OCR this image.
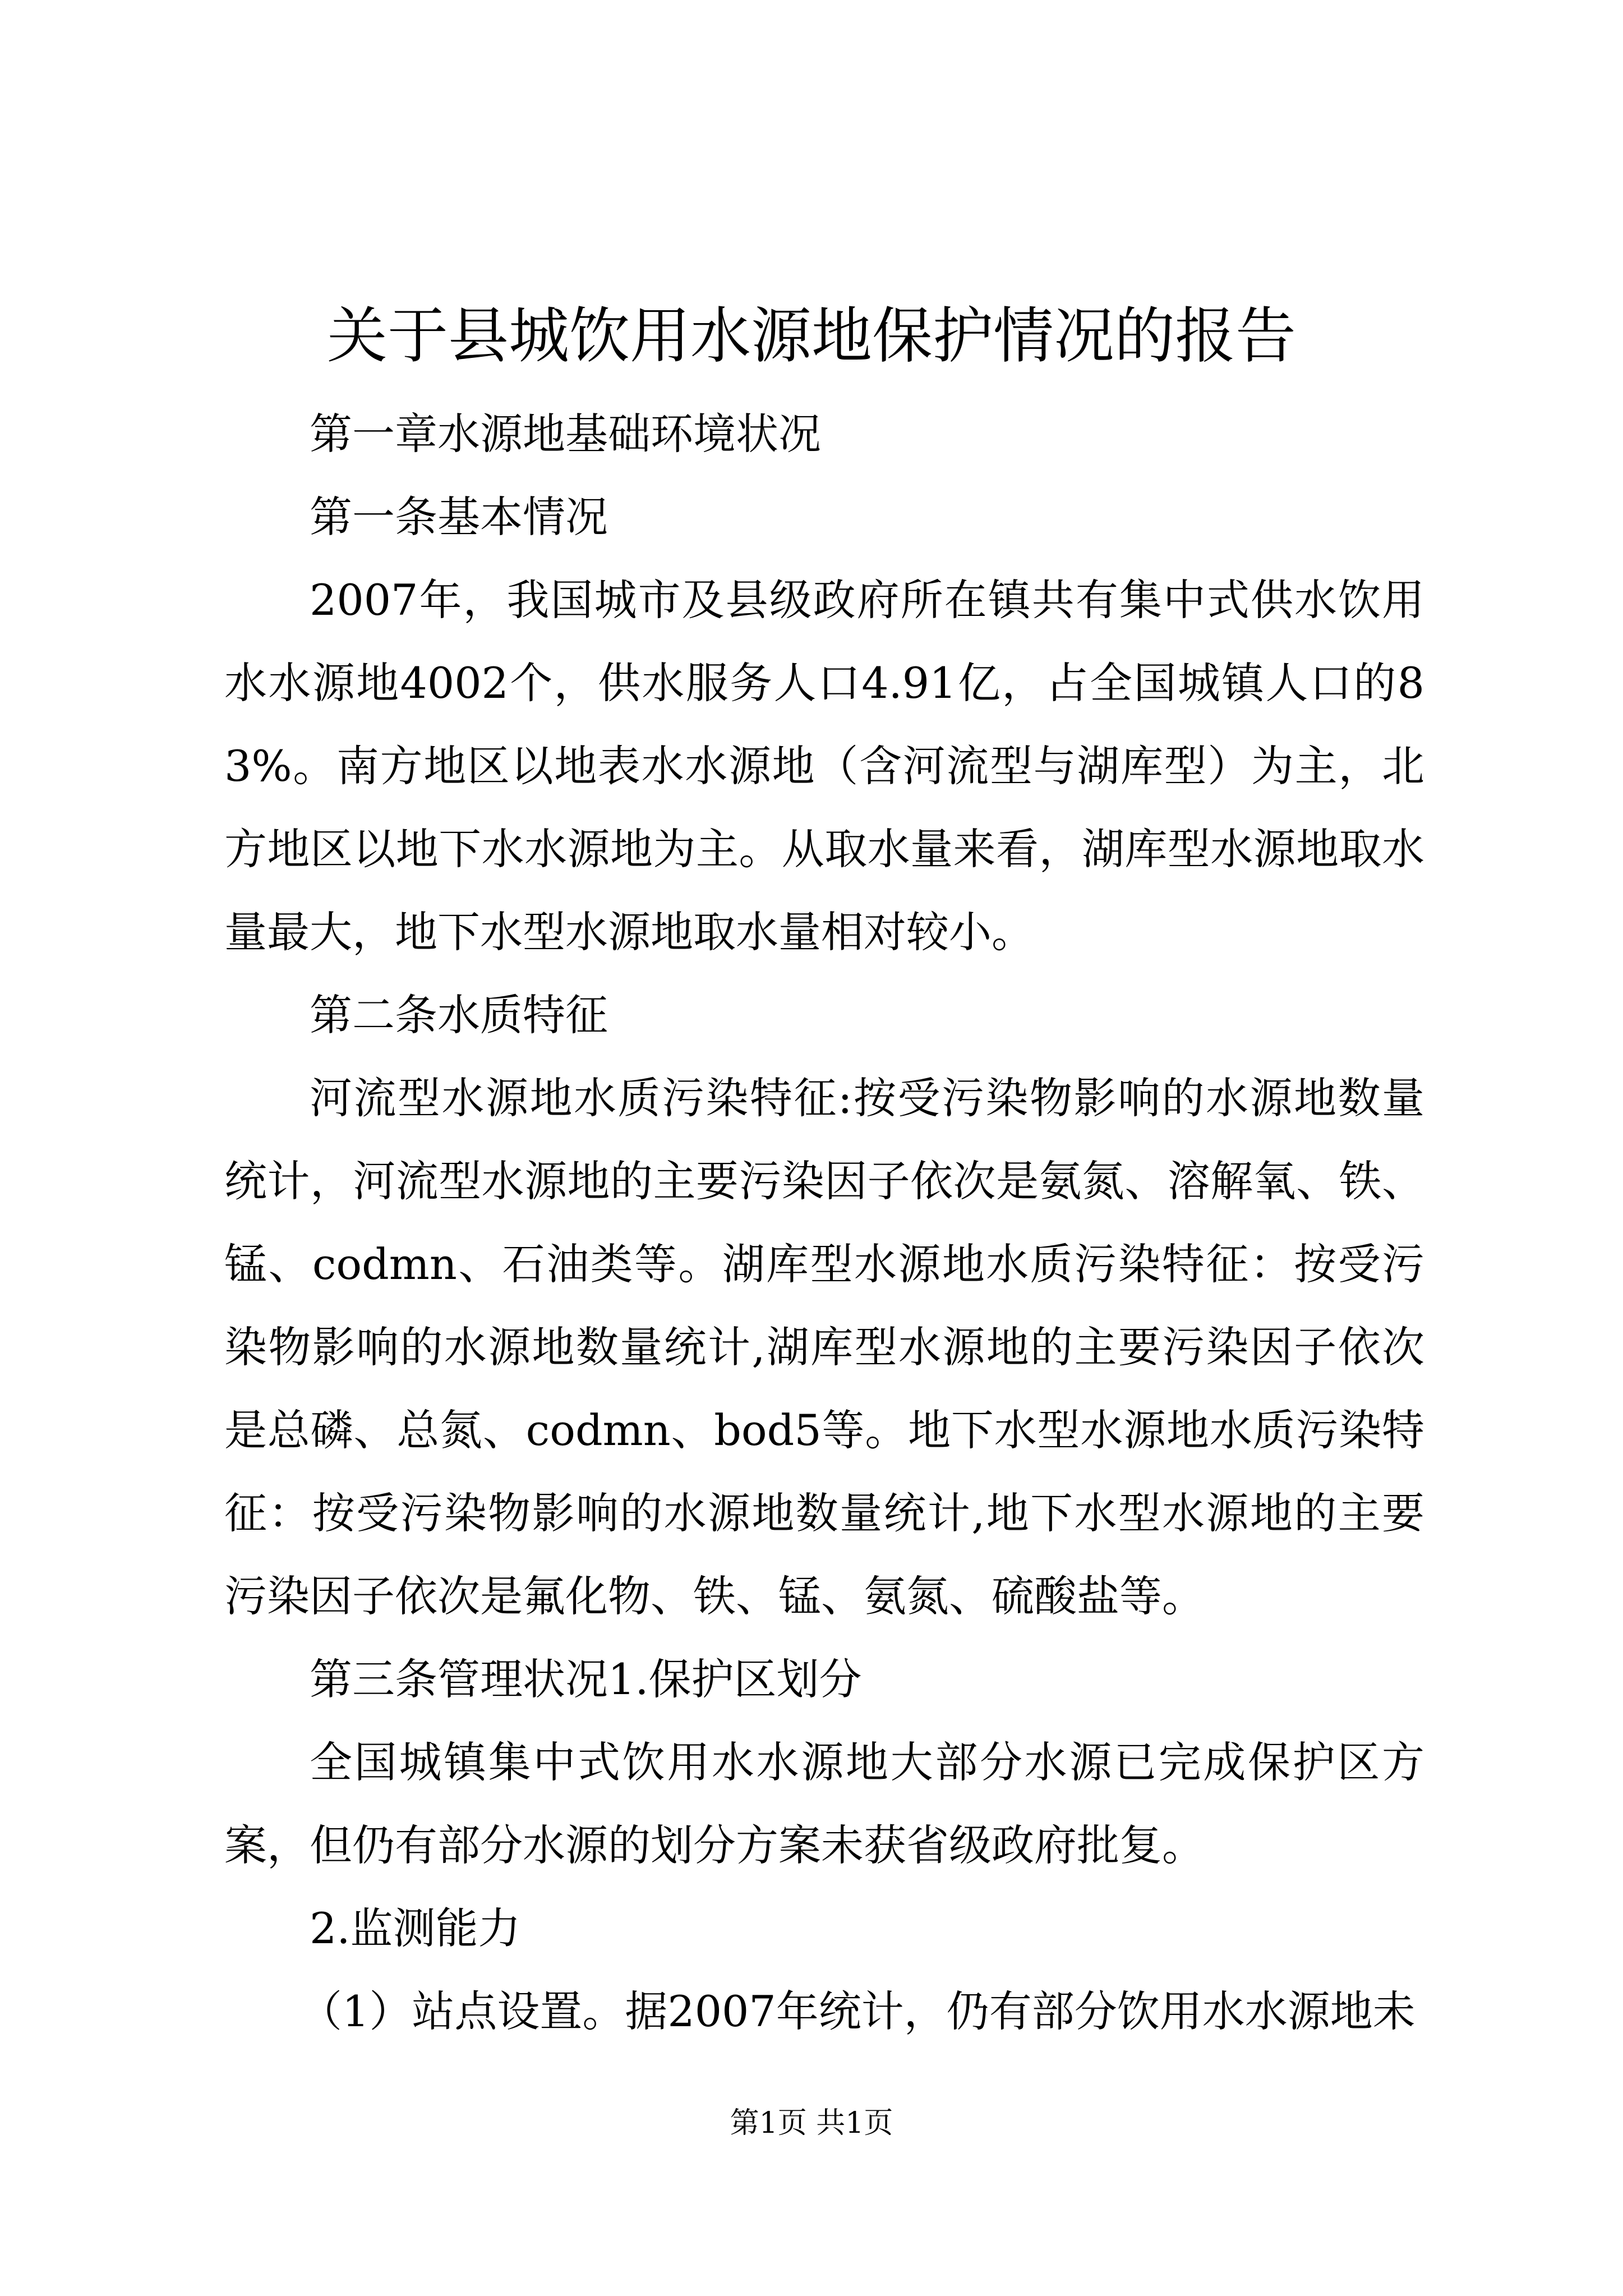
关于县城饮用水源地保护情况的报告

第一章水源地基础环境状况

第一条基本情况

2007年，我国城市及县级政府所在镇共有集中式供水饮用水水源地4002个，供水服务人口4.91亿，占全国城镇人口的83%。南方地区以地表水水源地（含河流型与湖库型）为主，北方地区以地下水水源地为主。从取水量来看，湖库型水源地取水量最大，地下水型水源地取水量相对较小。

第二条水质特征

河流型水源地水质污染特征:按受污染物影响的水源地数量统计，河流型水源地的主要污染因子依次是氨氮、溶解氧、铁、锰、codmn、石油类等。湖库型水源地水质污染特征：按受污染物影响的水源地数量统计,湖库型水源地的主要污染因子依次是总磷、总氮、codmn、bod5等。地下水型水源地水质污染特征：按受污染物影响的水源地数量统计,地下水型水源地的主要污染因子依次是氟化物、铁、锰、氨氮、硫酸盐等。

第三条管理状况1.保护区划分

全国城镇集中式饮用水水源地大部分水源已完成保护区方案，但仍有部分水源的划分方案未获省级政府批复。

2.监测能力

（1）站点设置。据2007年统计，仍有部分饮用水水源地未

第1页 共1页
